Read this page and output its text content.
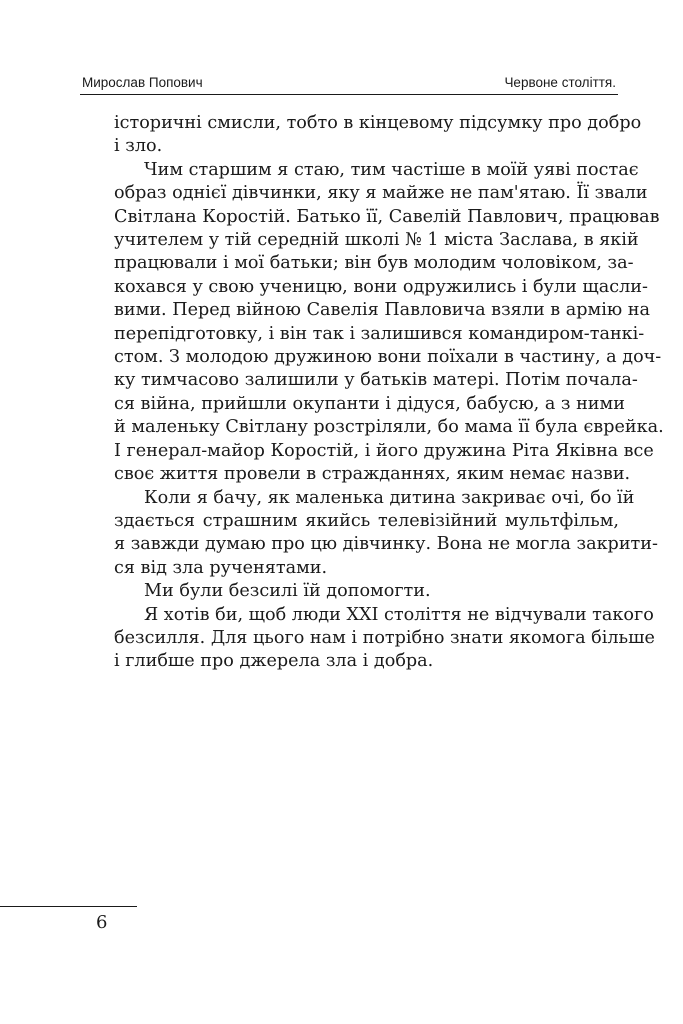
Мирослав Попович	Червоне століття.
історичні смисли, тобто в кінцевому підсумку про добро
і зло.
Чим старшим я стаю, тим частіше в моїй уяві постає
образ однієї дівчинки, яку я майже не пам'ятаю. Її звали
Світлана Коростій. Батько її, Савелій Павлович, працював
учителем у тій середній школі № 1 міста Заслава, в якій
працювали і мої батьки; він був молодим чоловіком, за-
кохався у свою ученицю, вони одружились і були щасли-
вими. Перед війною Савелія Павловича взяли в армію на
перепідготовку, і він так і залишився командиром-танкі-
стом. З молодою дружиною вони поїхали в частину, а доч-
ку тимчасово залишили у батьків матері. Потім почала-
ся війна, прийшли окупанти і дідуся, бабусю, а з ними
й маленьку Світлану розстріляли, бо мама її була єврейка.
І генерал-майор Коростій, і його дружина Ріта Яківна все
своє життя провели в стражданнях, яким немає назви.
Коли я бачу, як маленька дитина закриває очі, бо їй
здається страшним якийсь телевізійний мультфільм,
я завжди думаю про цю дівчинку. Вона не могла закрити-
ся від зла рученятами.
Ми були безсилі їй допомогти.
Я хотів би, щоб люди ХХІ століття не відчували такого
безсилля. Для цього нам і потрібно знати якомога більше
і глибше про джерела зла і добра.
6
